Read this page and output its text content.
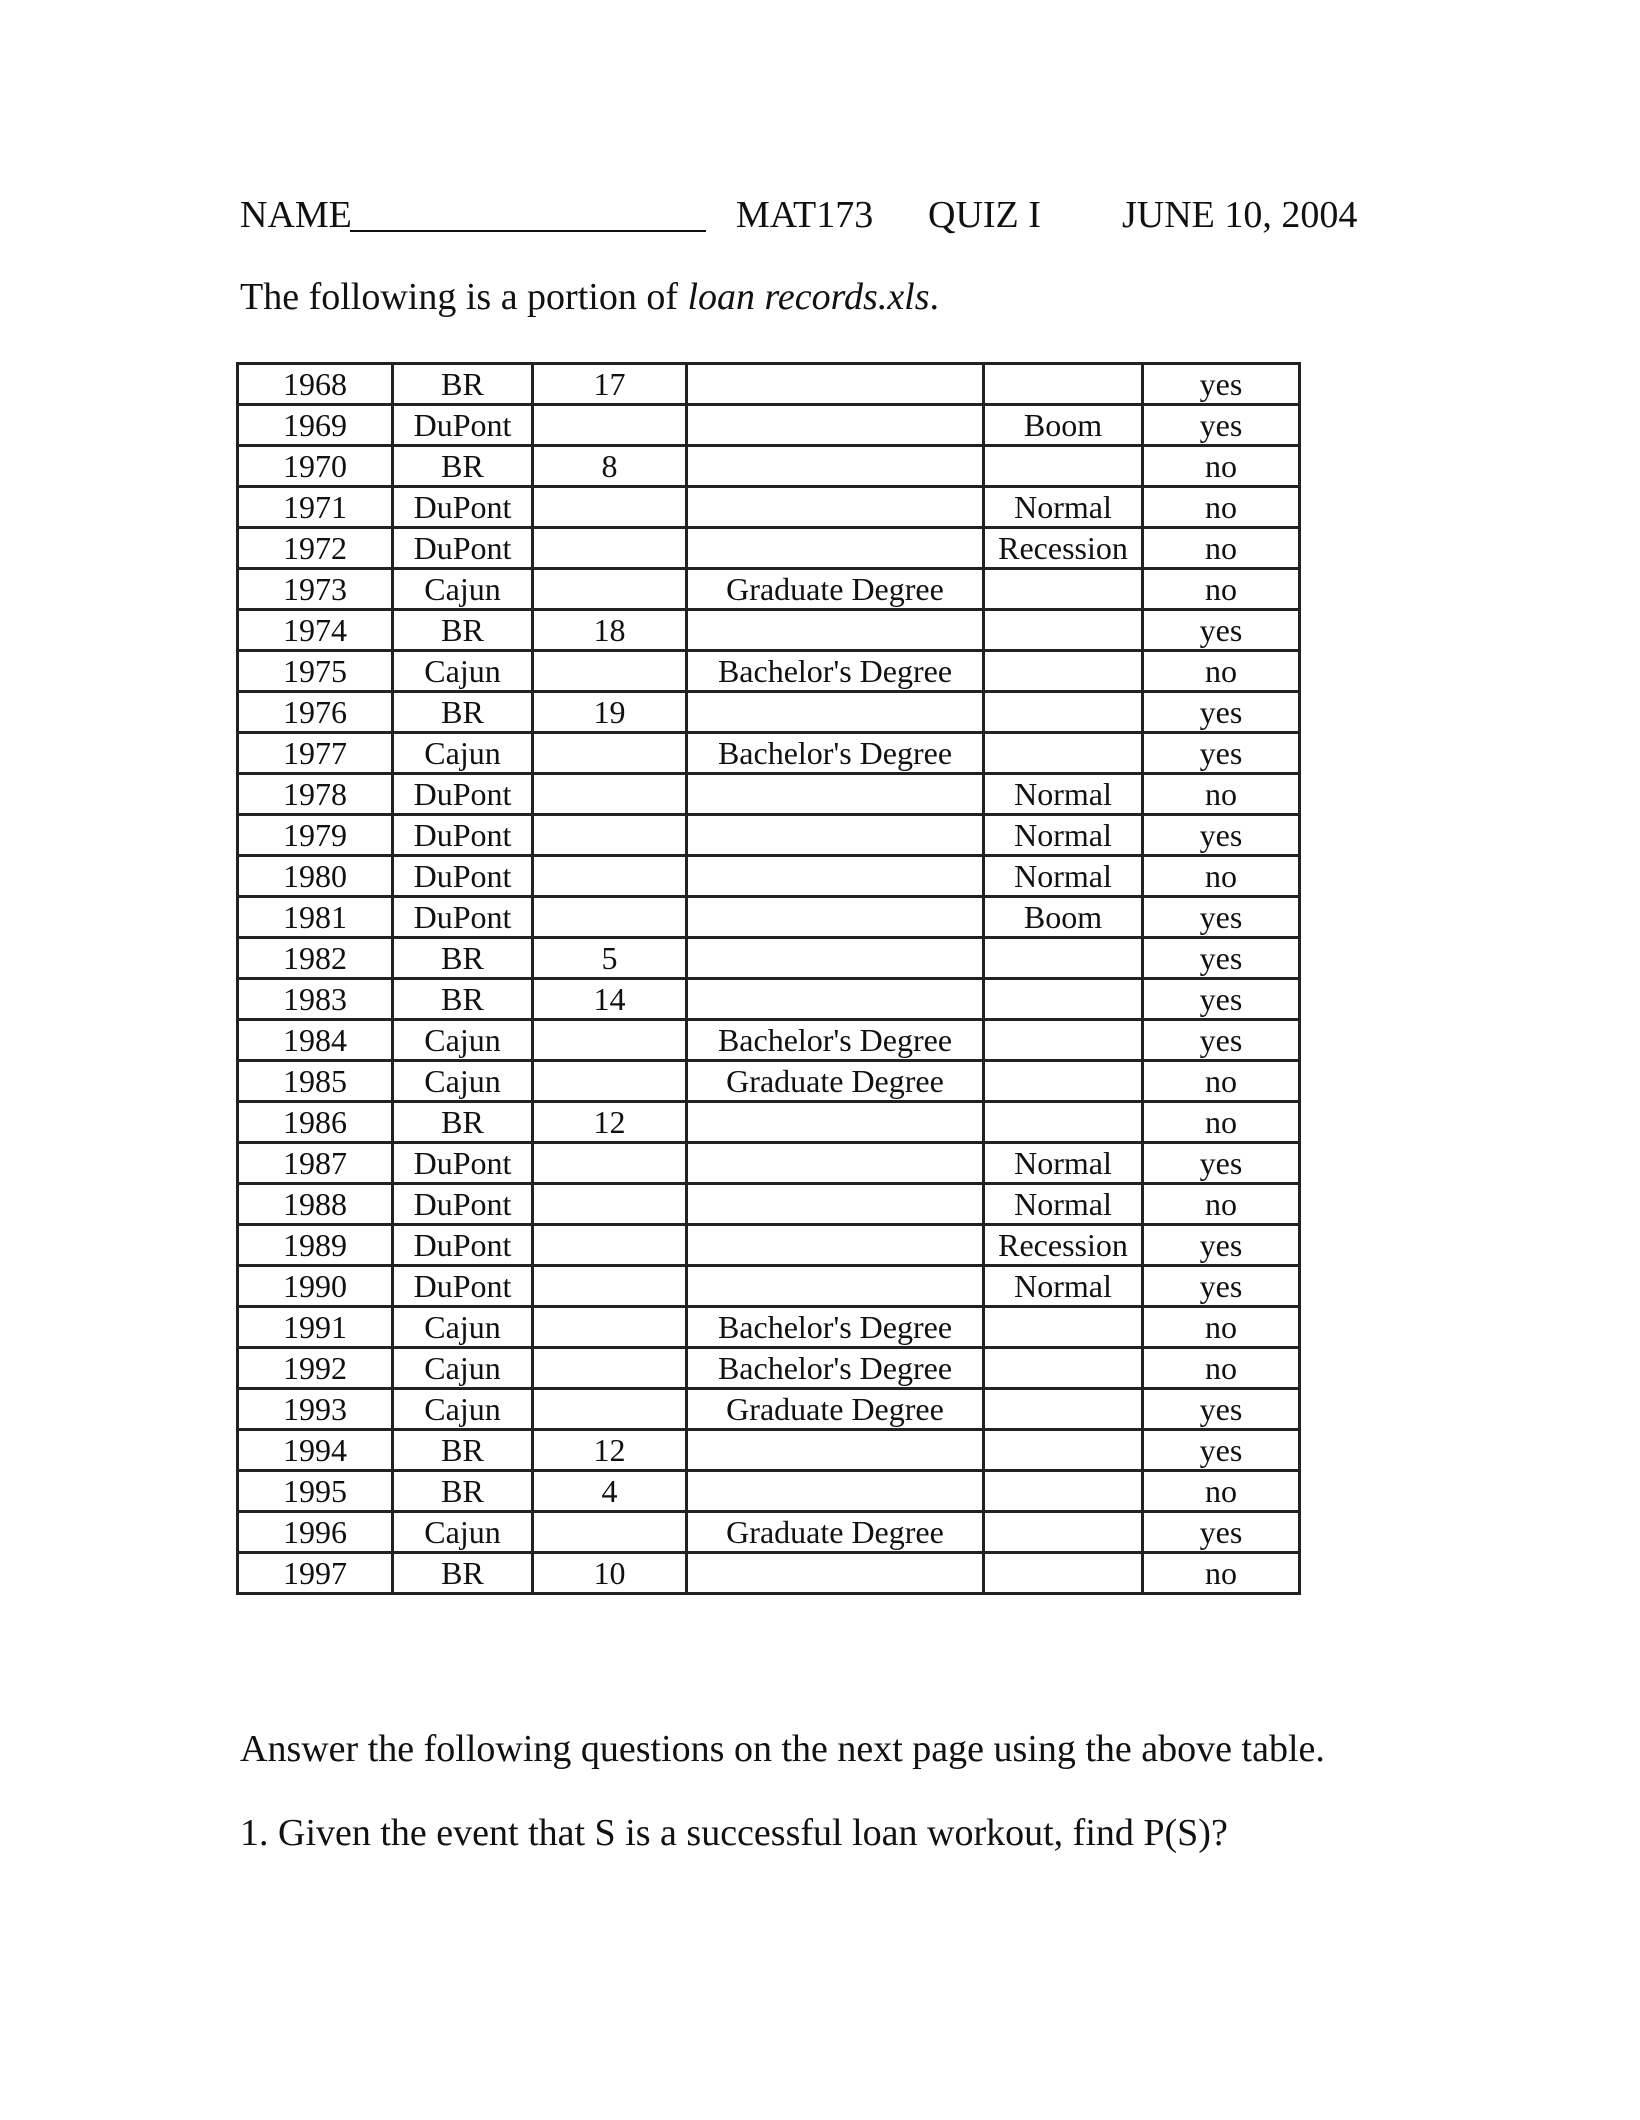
NAME	MAT173 QUIZ I JUNE 10, 2004
The following is a portion of loan records.xls.
1968	BR	17			yes
1969	DuPont			Boom	yes
1970	BR	8			no
1971	DuPont			Normal	no
1972	DuPont			Recession	no
1973	Cajun		Graduate Degree		no
1974	BR	18			yes
1975	Cajun		Bachelor's Degree		no
1976	BR	19			yes
1977	Cajun		Bachelor's Degree		yes
1978	DuPont			Normal	no
1979	DuPont			Normal	yes
1980	DuPont			Normal	no
1981	DuPont			Boom	yes
1982	BR	5			yes
1983	BR	14			yes
1984	Cajun		Bachelor's Degree		yes
1985	Cajun		Graduate Degree		no
1986	BR	12			no
1987	DuPont			Normal	yes
1988	DuPont			Normal	no
1989	DuPont			Recession	yes
1990	DuPont			Normal	yes
1991	Cajun		Bachelor's Degree		no
1992	Cajun		Bachelor's Degree		no
1993	Cajun		Graduate Degree		yes
1994	BR	12			yes
1995	BR	4			no
1996	Cajun		Graduate Degree		yes
1997	BR	10			no
Answer the following questions on the next page using the above table.
1. Given the event that S is a successful loan workout, find P(S)?
